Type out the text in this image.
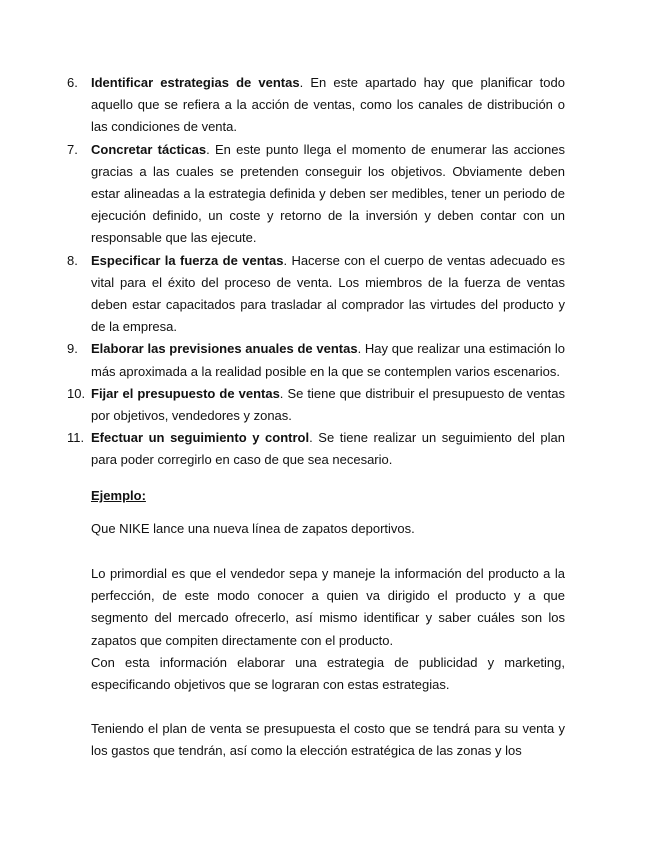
6. Identificar estrategias de ventas. En este apartado hay que planificar todo aquello que se refiera a la acción de ventas, como los canales de distribución o las condiciones de venta.
7. Concretar tácticas. En este punto llega el momento de enumerar las acciones gracias a las cuales se pretenden conseguir los objetivos. Obviamente deben estar alineadas a la estrategia definida y deben ser medibles, tener un periodo de ejecución definido, un coste y retorno de la inversión y deben contar con un responsable que las ejecute.
8. Especificar la fuerza de ventas. Hacerse con el cuerpo de ventas adecuado es vital para el éxito del proceso de venta. Los miembros de la fuerza de ventas deben estar capacitados para trasladar al comprador las virtudes del producto y de la empresa.
9. Elaborar las previsiones anuales de ventas. Hay que realizar una estimación lo más aproximada a la realidad posible en la que se contemplen varios escenarios.
10. Fijar el presupuesto de ventas. Se tiene que distribuir el presupuesto de ventas por objetivos, vendedores y zonas.
11. Efectuar un seguimiento y control. Se tiene realizar un seguimiento del plan para poder corregirlo en caso de que sea necesario.

Ejemplo:

Que NIKE lance una nueva línea de zapatos deportivos.

Lo primordial es que el vendedor sepa y maneje la información del producto a la perfección, de este modo conocer a quien va dirigido el producto y a que segmento del mercado ofrecerlo, así mismo identificar y saber cuáles son los zapatos que compiten directamente con el producto.

Con esta información elaborar una estrategia de publicidad y marketing, especificando objetivos que se lograran con estas estrategias.

Teniendo el plan de venta se presupuesta el costo que se tendrá para su venta y los gastos que tendrán, así como la elección estratégica de las zonas y los
